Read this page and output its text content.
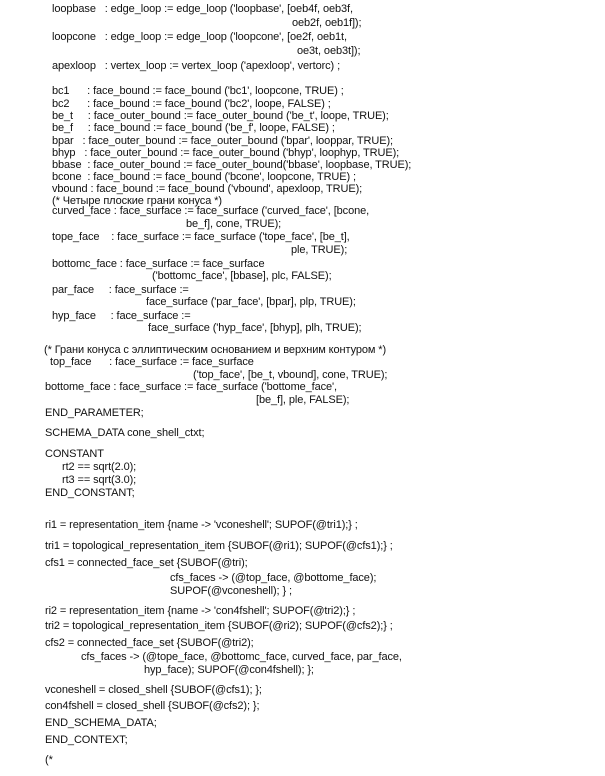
loopbase   : edge_loop := edge_loop ('loopbase', [oeb4f, oeb3f,
oeb2f, oeb1f]);
loopcone   : edge_loop := edge_loop ('loopcone', [oe2f, oeb1t,
oe3t, oeb3t]);
apexloop   : vertex_loop := vertex_loop ('apexloop', vertorc) ;
bc1      : face_bound := face_bound ('bc1', loopcone, TRUE) ;
bc2      : face_bound := face_bound ('bc2', loope, FALSE) ;
be_t     : face_outer_bound := face_outer_bound ('be_t', loope, TRUE);
be_f     : face_bound := face_bound ('be_f', loope, FALSE) ;
bpar   : face_outer_bound := face_outer_bound ('bpar', looppar, TRUE);
bhyp   : face_outer_bound := face_outer_bound ('bhyp', loophyp, TRUE);
bbase  : face_outer_bound := face_outer_bound('bbase', loopbase, TRUE);
bcone  : face_bound := face_bound ('bcone', loopcone, TRUE) ;
vbound : face_bound := face_bound ('vbound', apexloop, TRUE);
(* Четыре плоские грани конуса *)
curved_face : face_surface := face_surface ('curved_face', [bcone,
be_f], cone, TRUE);
tope_face    : face_surface := face_surface ('tope_face', [be_t],
ple, TRUE);
bottomc_face : face_surface := face_surface
('bottomc_face', [bbase], plc, FALSE);
par_face     : face_surface :=
face_surface ('par_face', [bpar], plp, TRUE);
hyp_face     : face_surface :=
face_surface ('hyp_face', [bhyp], plh, TRUE);
(* Грани конуса с эллиптическим основанием и верхним контуром *)
top_face      : face_surface := face_surface
('top_face', [be_t, vbound], cone, TRUE);
bottome_face : face_surface := face_surface ('bottome_face',
[be_f], ple, FALSE);
END_PARAMETER;
SCHEMA_DATA cone_shell_ctxt;
CONSTANT
rt2 == sqrt(2.0);
rt3 == sqrt(3.0);
END_CONSTANT;
ri1 = representation_item {name -> 'vconeshell'; SUPOF(@tri1);} ;
tri1 = topological_representation_item {SUBOF(@ri1); SUPOF(@cfs1);} ;
cfs1 = connected_face_set {SUBOF(@tri);
cfs_faces -> (@top_face, @bottome_face);
SUPOF(@vconeshell); } ;
ri2 = representation_item {name -> 'con4fshell'; SUPOF(@tri2);} ;
tri2 = topological_representation_item {SUBOF(@ri2); SUPOF(@cfs2);} ;
cfs2 = connected_face_set {SUBOF(@tri2);
cfs_faces -> (@tope_face, @bottomc_face, curved_face, par_face,
hyp_face); SUPOF(@con4fshell); };
vconeshell = closed_shell {SUBOF(@cfs1); };
con4fshell = closed_shell {SUBOF(@cfs2); };
END_SCHEMA_DATA;
END_CONTEXT;
(*
